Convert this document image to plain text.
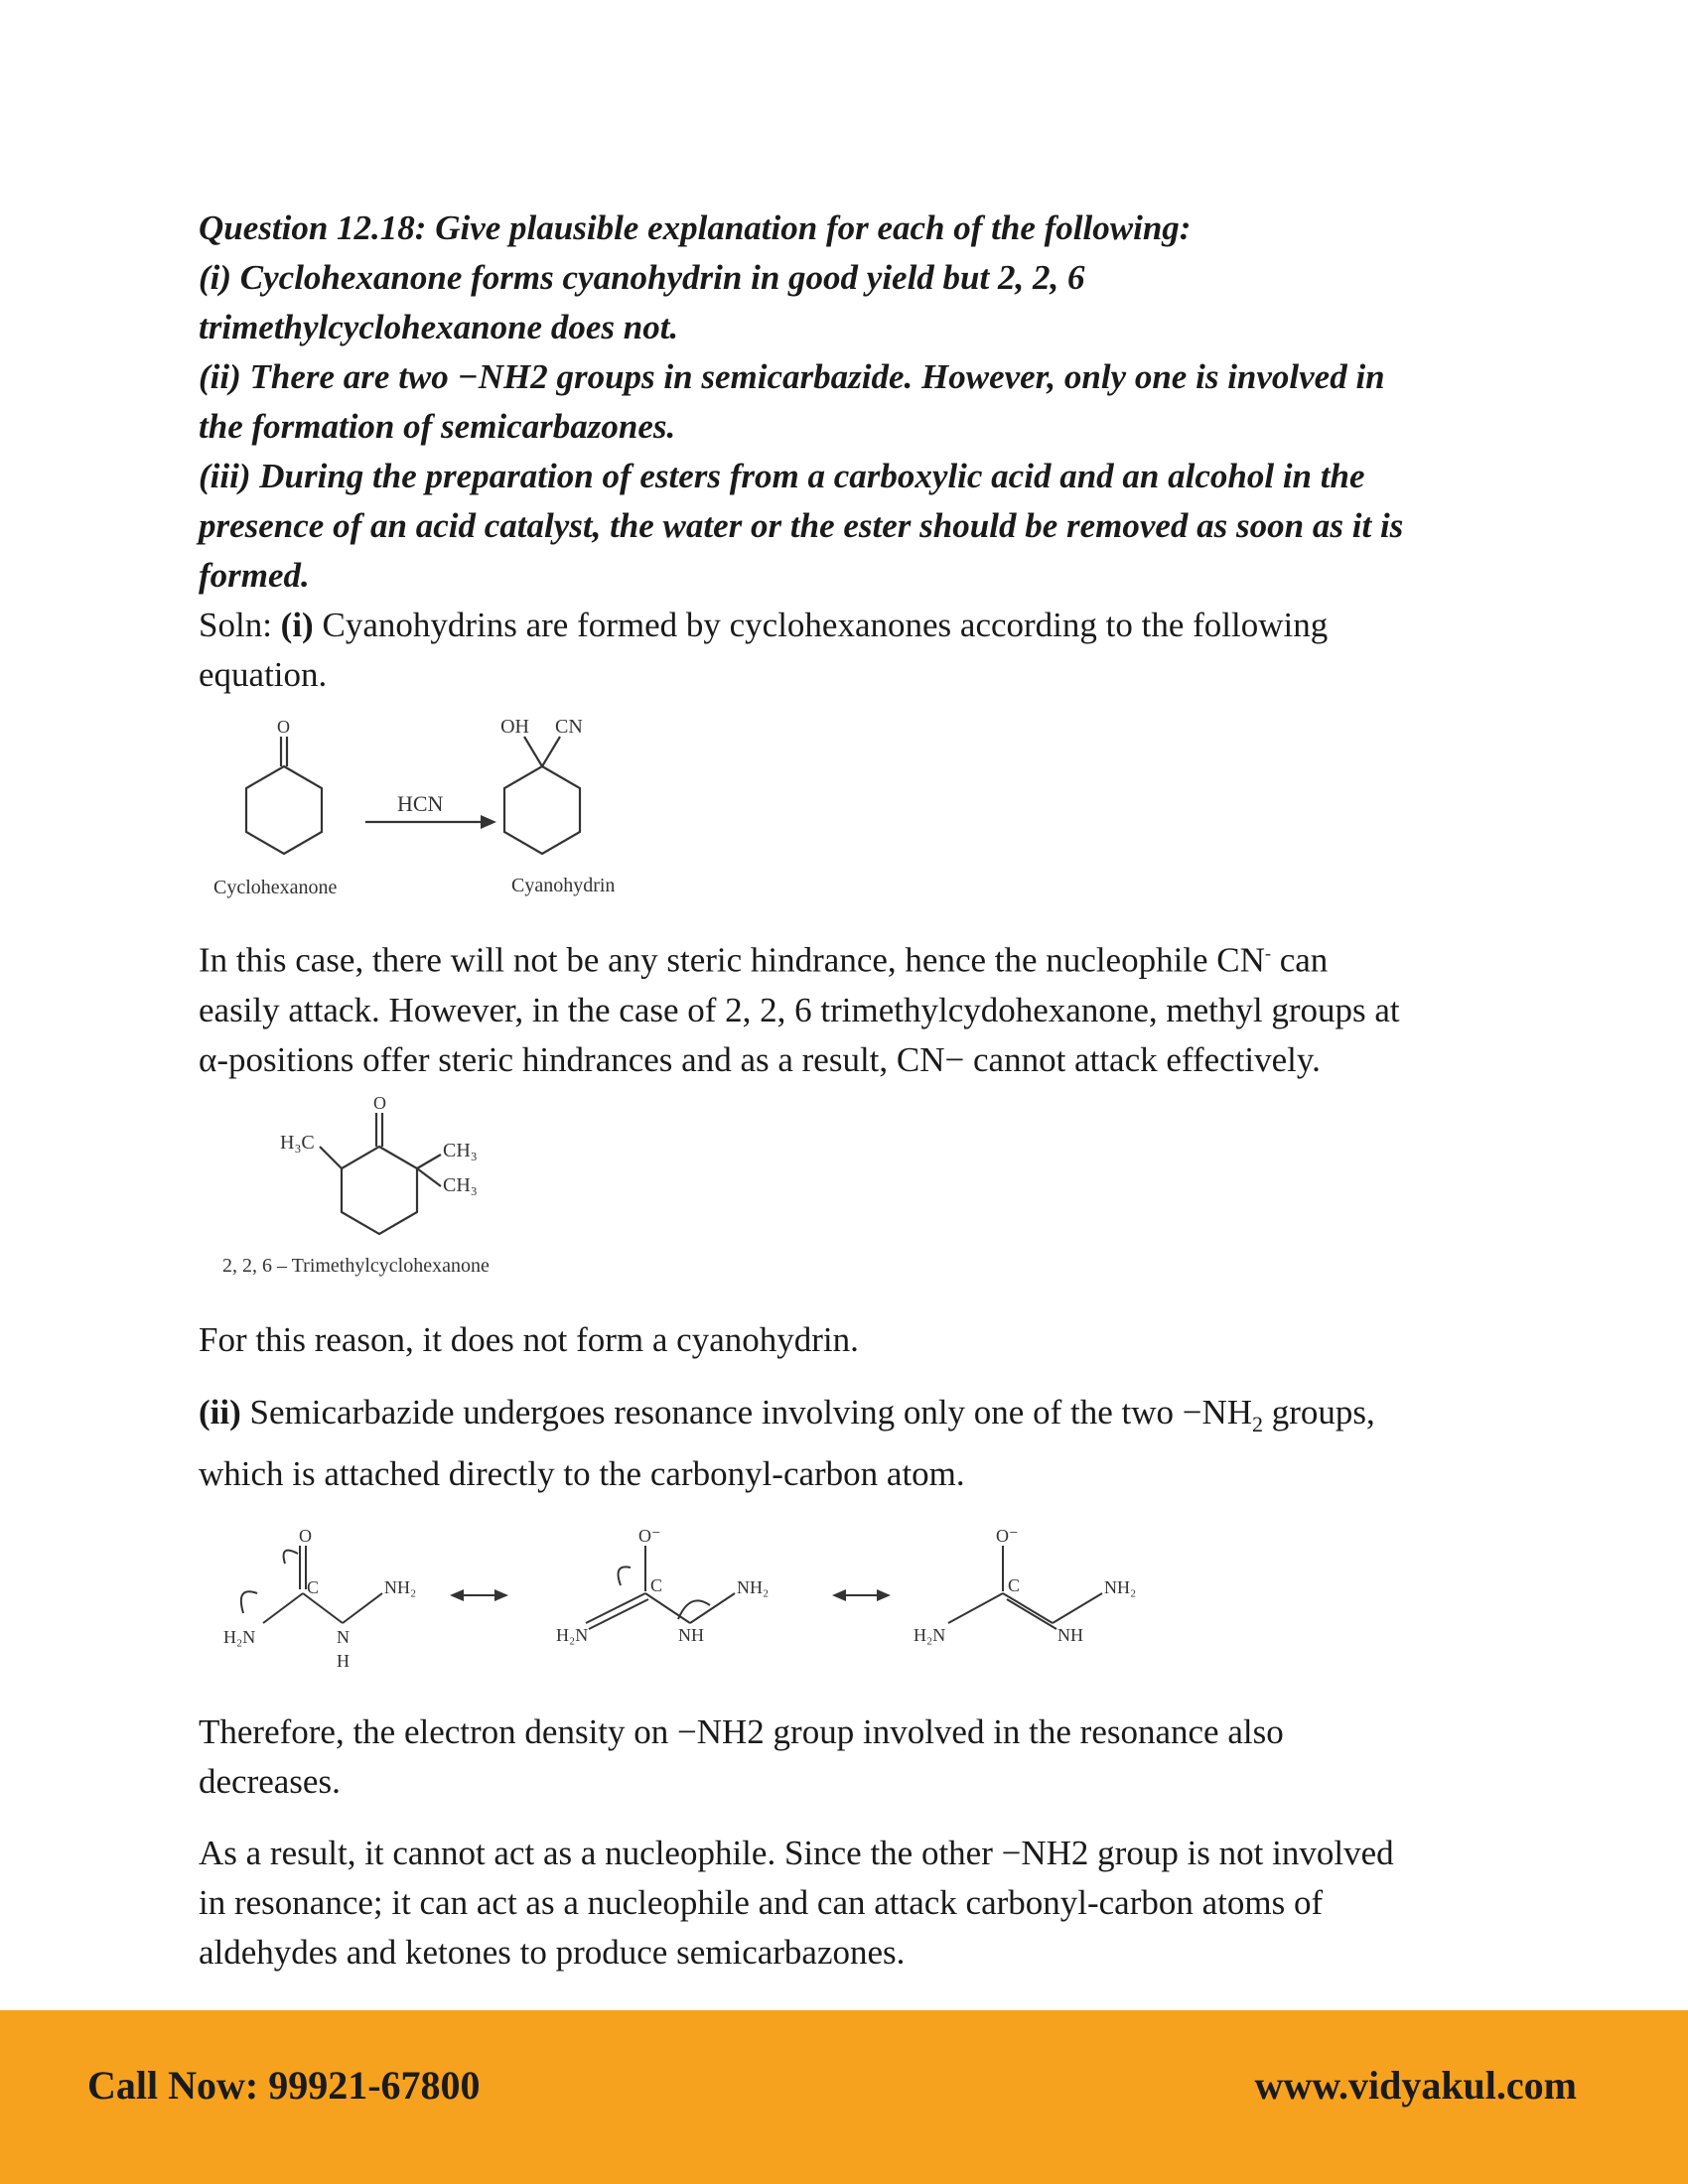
Question 12.18: Give plausible explanation for each of the following:

(i) Cyclohexanone forms cyanohydrin in good yield but 2, 2, 6

trimethylcyclohexanone does not.

(ii) There are two −NH2 groups in semicarbazide. However, only one is involved in

the formation of semicarbazones.

(iii) During the preparation of esters from a carboxylic acid and an alcohol in the

presence of an acid catalyst, the water or the ester should be removed as soon as it is

formed.

Soln: (i) Cyanohydrins are formed by cyclohexanones according to the following

equation.

O
HCN
OH CN
Cyclohexanone	Cyanohydrin

In this case, there will not be any steric hindrance, hence the nucleophile CN- can

easily attack. However, in the case of 2, 2, 6 trimethylcydohexanone, methyl groups at

α-positions offer steric hindrances and as a result, CN− cannot attack effectively.

O
H₃C	CH₃
CH₃
2, 2, 6 – Trimethylcyclohexanone

For this reason, it does not form a cyanohydrin.

(ii) Semicarbazide undergoes resonance involving only one of the two $-NH_2$ groups,

which is attached directly to the carbonyl-carbon atom.

O
C
H₂N	N
H
NH₂
O⁻
C
H₂N	NH
NH₂
O⁻
C
H₂N	NH
NH₂

Therefore, the electron density on −NH2 group involved in the resonance also

decreases.

As a result, it cannot act as a nucleophile. Since the other −NH2 group is not involved

in resonance; it can act as a nucleophile and can attack carbonyl-carbon atoms of

aldehydes and ketones to produce semicarbazones.

Call Now: 99921-67800	www.vidyakul.com
